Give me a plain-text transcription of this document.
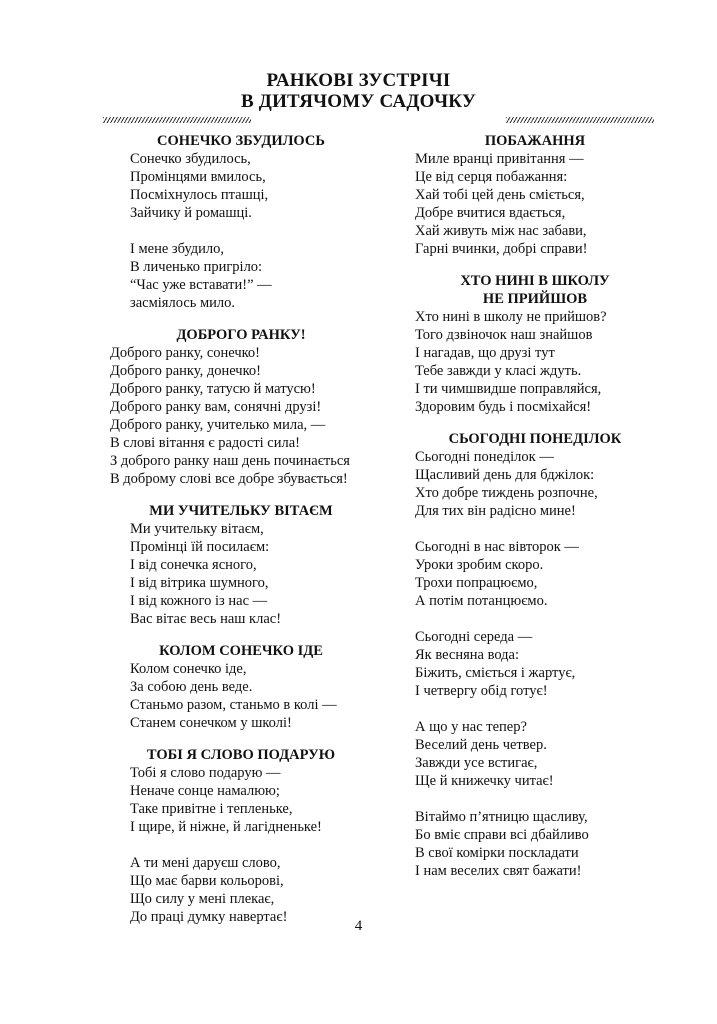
РАНКОВІ ЗУСТРІЧІ
В ДИТЯЧОМУ САДОЧКУ
СОНЕЧКО ЗБУДИЛОСЬ
Сонечко збудилось,
Промінцями вмилось,
Посміхнулось пташці,
Зайчику й ромашці.
І мене збудило,
В личенько пригріло:
“Час уже вставати!” —
засміялось мило.
ДОБРОГО РАНКУ!
Доброго ранку, сонечко!
Доброго ранку, донечко!
Доброго ранку, татусю й матусю!
Доброго ранку вам, сонячні друзі!
Доброго ранку, учителько мила, —
В слові вітання є радості сила!
З доброго ранку наш день починається
В доброму слові все добре збувається!
МИ УЧИТЕЛЬКУ ВІТАЄМ
Ми учительку вітаєм,
Промінці їй посилаєм:
І від сонечка ясного,
І від вітрика шумного,
І від кожного із нас —
Вас вітає весь наш клас!
КОЛОМ СОНЕЧКО ІДЕ
Колом сонечко іде,
За собою день веде.
Станьмо разом, станьмо в колі —
Станем сонечком у школі!
ТОБІ Я СЛОВО ПОДАРУЮ
Тобі я слово подарую —
Неначе сонце намалюю;
Таке привітне і тепленьке,
І щире, й ніжне, й лагідненьке!
А ти мені даруєш слово,
Що має барви кольорові,
Що силу у мені плекає,
До праці думку навертає!
ПОБАЖАННЯ
Миле вранці привітання —
Це від серця побажання:
Хай тобі цей день сміється,
Добре вчитися вдається,
Хай живуть між нас забави,
Гарні вчинки, добрі справи!
ХТО НИНІ В ШКОЛУ
НЕ ПРИЙШОВ
Хто нині в школу не прийшов?
Того дзвіночок наш знайшов
І нагадав, що друзі тут
Тебе завжди у класі ждуть.
І ти чимшвидше поправляйся,
Здоровим будь і посміхайся!
СЬОГОДНІ ПОНЕДІЛОК
Сьогодні понеділок —
Щасливий день для бджілок:
Хто добре тиждень розпочне,
Для тих він радісно мине!
Сьогодні в нас вівторок —
Уроки зробим скоро.
Трохи попрацюємо,
А потім потанцюємо.
Сьогодні середа —
Як весняна вода:
Біжить, сміється і жартує,
І четвергу обід готує!
А що у нас тепер?
Веселий день четвер.
Завжди усе встигає,
Ще й книжечку читає!
Вітаймо п’ятницю щасливу,
Бо вміє справи всі дбайливо
В свої комірки поскладати
І нам веселих свят бажати!
4
